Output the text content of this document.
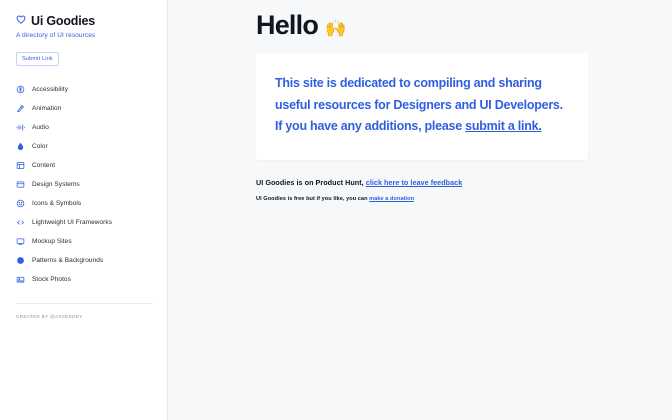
Ui Goodies
A directory of UI resources
Submit Link
Accessibility
Animation
Audio
Color
Content
Design Systems
Icons & Symbols
Lightweight UI Frameworks
Mockup Sites
Patterns & Backgrounds
Stock Photos
CREATED BY @ASSEEDEY
Hello 🙌

This site is dedicated to compiling and sharing useful resources for Designers and UI Developers. If you have any additions, please submit a link.

UI Goodies is on Product Hunt, click here to leave feedback

UI Goodies is free but if you like, you can make a donation
